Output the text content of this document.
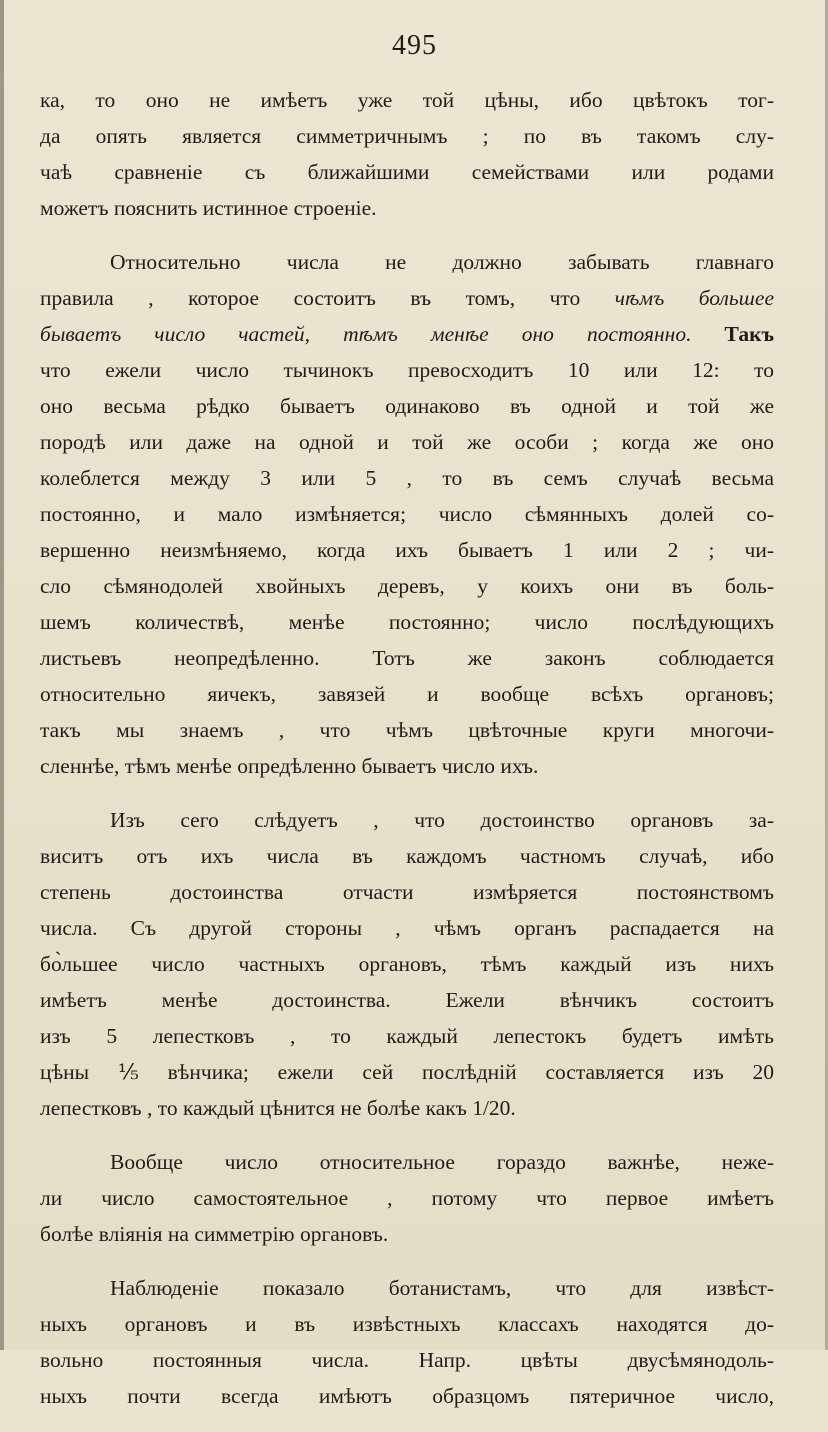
495
ка, то оно не имѣетъ уже той цѣны, ибо цвѣтокъ тог-
да опять является симметричнымъ ; по въ такомъ слу-
чаѣ сравненіе съ ближайшими семействами или родами
можетъ пояснить истинное строеніе.
Относительно числа не должно забывать главнаго
правила , которое состоитъ въ томъ, что чѣмъ большее
бываетъ число частей, тѣмъ менѣе оно постоянно. Такъ
что ежели число тычинокъ превосходитъ 10 или 12: то
оно весьма рѣдко бываетъ одинаково въ одной и той же
породѣ или даже на одной и той же особи ; когда же оно
колеблется между 3 или 5 , то въ семъ случаѣ весьма
постоянно, и мало измѣняется; число сѣмянныхъ долей со-
вершенно неизмѣняемо, когда ихъ бываетъ 1 или 2 ; чи-
сло сѣмянодолей хвойныхъ деревъ, у коихъ они въ боль-
шемъ количествѣ, менѣе постоянно; число послѣдующихъ
листьевъ неопредѣленно. Тотъ же законъ соблюдается
относительно яичекъ, завязей и вообще всѣхъ органовъ;
такъ мы знаемъ , что чѣмъ цвѣточные круги многочи-
сленнѣе, тѣмъ менѣе опредѣленно бываетъ число ихъ.
Изъ сего слѣдуетъ , что достоинство органовъ за-
виситъ отъ ихъ числа въ каждомъ частномъ случаѣ, ибо
степень достоинства отчасти измѣряется постоянствомъ
числа. Съ другой стороны , чѣмъ органъ распадается на
бо̀льшее число частныхъ органовъ, тѣмъ каждый изъ нихъ
имѣетъ менѣе достоинства. Ежели вѣнчикъ состоитъ
изъ 5 лепестковъ , то каждый лепестокъ будетъ имѣть
цѣны ⅕ вѣнчика; ежели сей послѣдній составляется изъ 20
лепестковъ , то каждый цѣнится не болѣе какъ 1/20.
Вообще число относительное гораздо важнѣе, неже-
ли число самостоятельное , потому что первое имѣетъ
болѣе вліянія на симметрію органовъ.
Наблюденіе показало ботанистамъ, что для извѣст-
ныхъ органовъ и въ извѣстныхъ классахъ находятся до-
вольно постоянныя числа. Напр. цвѣты двусѣмянодоль-
ныхъ почти всегда имѣютъ образцомъ пятеричное число,
